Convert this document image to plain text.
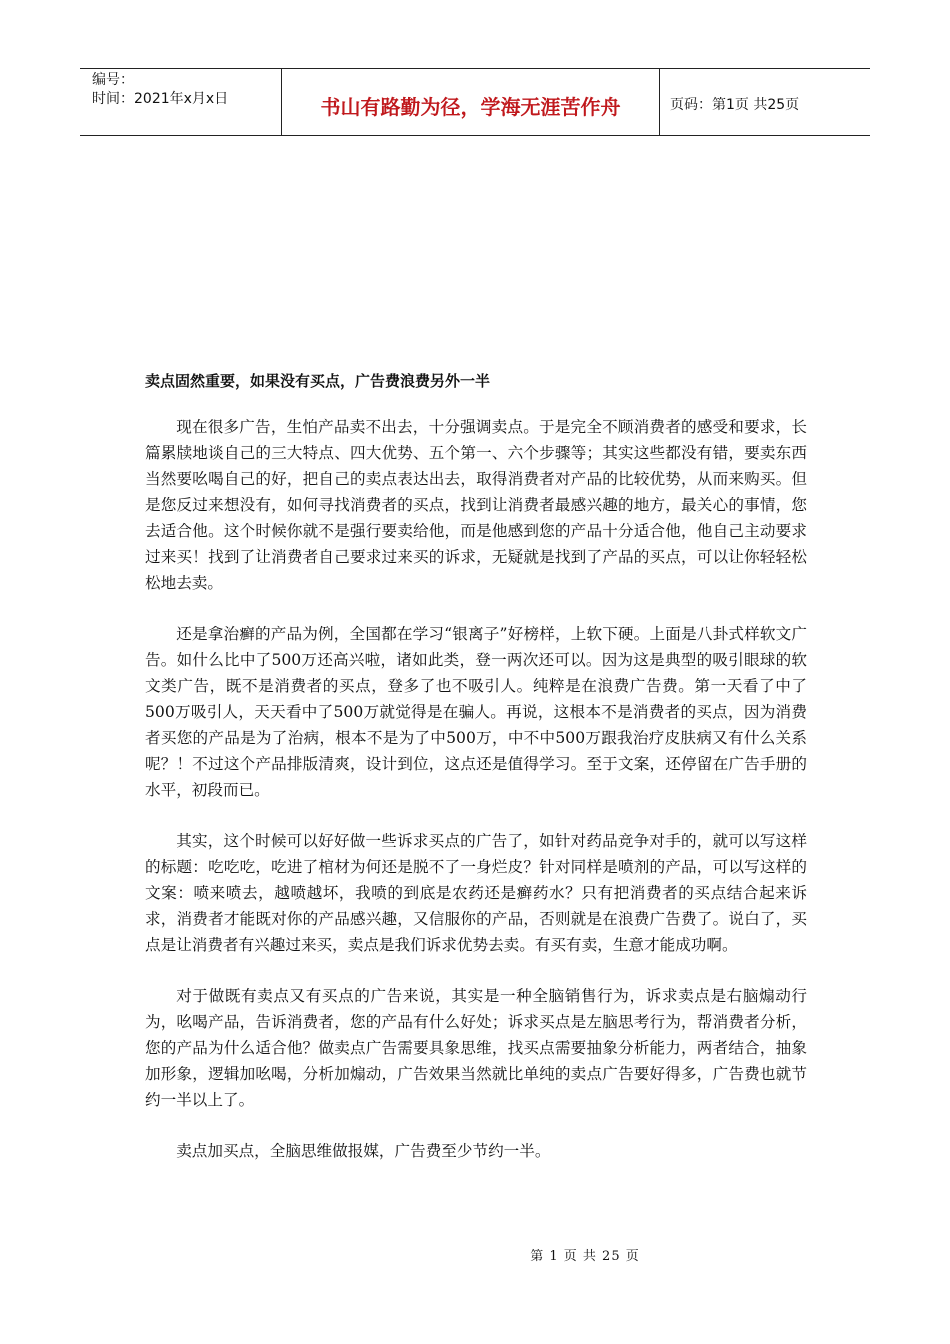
编号：
时间：2021年x月x日	书山有路勤为径，学海无涯苦作舟	页码：第1页 共25页
卖点固然重要，如果没有买点，广告费浪费另外一半

现在很多广告，生怕产品卖不出去，十分强调卖点。于是完全不顾消费者的感受和要求，长篇累牍地谈自己的三大特点、四大优势、五个第一、六个步骤等；其实这些都没有错，要卖东西当然要吆喝自己的好，把自己的卖点表达出去，取得消费者对产品的比较优势，从而来购买。但是您反过来想没有，如何寻找消费者的买点，找到让消费者最感兴趣的地方，最关心的事情，您去适合他。这个时候你就不是强行要卖给他，而是他感到您的产品十分适合他，他自己主动要求过来买！找到了让消费者自己要求过来买的诉求，无疑就是找到了产品的买点，可以让你轻轻松松地去卖。

还是拿治癣的产品为例，全国都在学习“银离子”好榜样，上软下硬。上面是八卦式样软文广告。如什么比中了500万还高兴啦，诸如此类，登一两次还可以。因为这是典型的吸引眼球的软文类广告，既不是消费者的买点，登多了也不吸引人。纯粹是在浪费广告费。第一天看了中了500万吸引人，天天看中了500万就觉得是在骗人。再说，这根本不是消费者的买点，因为消费者买您的产品是为了治病，根本不是为了中500万，中不中500万跟我治疗皮肤病又有什么关系呢？！不过这个产品排版清爽，设计到位，这点还是值得学习。至于文案，还停留在广告手册的水平，初段而已。

其实，这个时候可以好好做一些诉求买点的广告了，如针对药品竞争对手的，就可以写这样的标题：吃吃吃，吃进了棺材为何还是脱不了一身烂皮？针对同样是喷剂的产品，可以写这样的文案：喷来喷去，越喷越坏，我喷的到底是农药还是癣药水？只有把消费者的买点结合起来诉求，消费者才能既对你的产品感兴趣，又信服你的产品，否则就是在浪费广告费了。说白了，买点是让消费者有兴趣过来买，卖点是我们诉求优势去卖。有买有卖，生意才能成功啊。

对于做既有卖点又有买点的广告来说，其实是一种全脑销售行为，诉求卖点是右脑煽动行为，吆喝产品，告诉消费者，您的产品有什么好处；诉求买点是左脑思考行为，帮消费者分析，您的产品为什么适合他？做卖点广告需要具象思维，找买点需要抽象分析能力，两者结合，抽象加形象，逻辑加吆喝，分析加煽动，广告效果当然就比单纯的卖点广告要好得多，广告费也就节约一半以上了。

卖点加买点，全脑思维做报媒，广告费至少节约一半。

第 1 页 共 25 页
